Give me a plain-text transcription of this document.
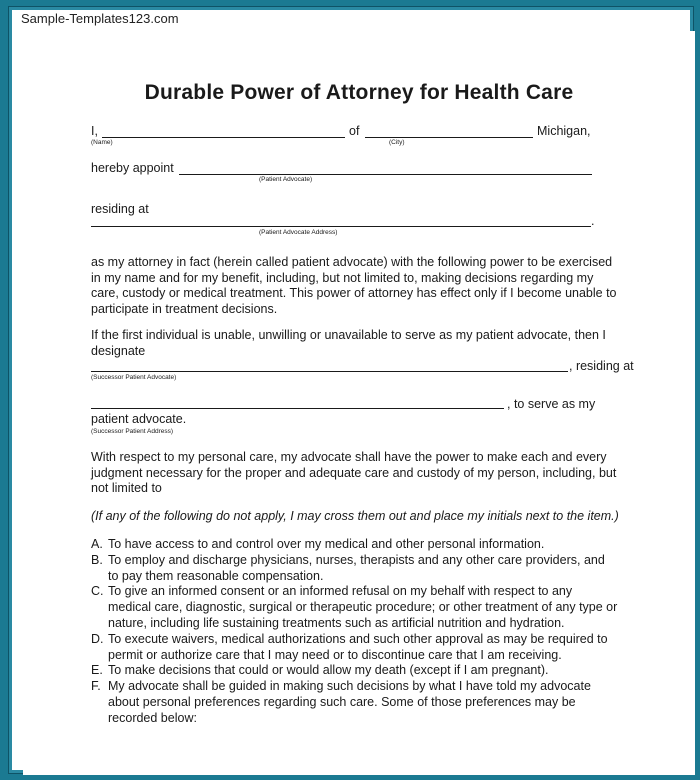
Sample-Templates123.com
Durable Power of Attorney for Health Care
I,	of	Michigan,
(Name)	(City)
hereby appoint
(Patient Advocate)
residing at
.
(Patient Advocate Address)
as my attorney in fact (herein called patient advocate) with the following power to be exercised
in my name and for my benefit, including, but not limited to, making decisions regarding my
care, custody or medical treatment. This power of attorney has effect only if I become unable to
participate in treatment decisions.
If the first individual is unable, unwilling or unavailable to serve as my patient advocate, then I
designate
, residing at
(Successor Patient Advocate)
, to serve as my
patient advocate.
(Successor Patient Address)
With respect to my personal care, my advocate shall have the power to make each and every
judgment necessary for the proper and adequate care and custody of my person, including, but
not limited to
(If any of the following do not apply, I may cross them out and place my initials next to the item.)
A. To have access to and control over my medical and other personal information.
B. To employ and discharge physicians, nurses, therapists and any other care providers, and
to pay them reasonable compensation.
C. To give an informed consent or an informed refusal on my behalf with respect to any
medical care, diagnostic, surgical or therapeutic procedure; or other treatment of any type or
nature, including life sustaining treatments such as artificial nutrition and hydration.
D. To execute waivers, medical authorizations and such other approval as may be required to
permit or authorize care that I may need or to discontinue care that I am receiving.
E. To make decisions that could or would allow my death (except if I am pregnant).
F. My advocate shall be guided in making such decisions by what I have told my advocate
about personal preferences regarding such care. Some of those preferences may be
recorded below:
